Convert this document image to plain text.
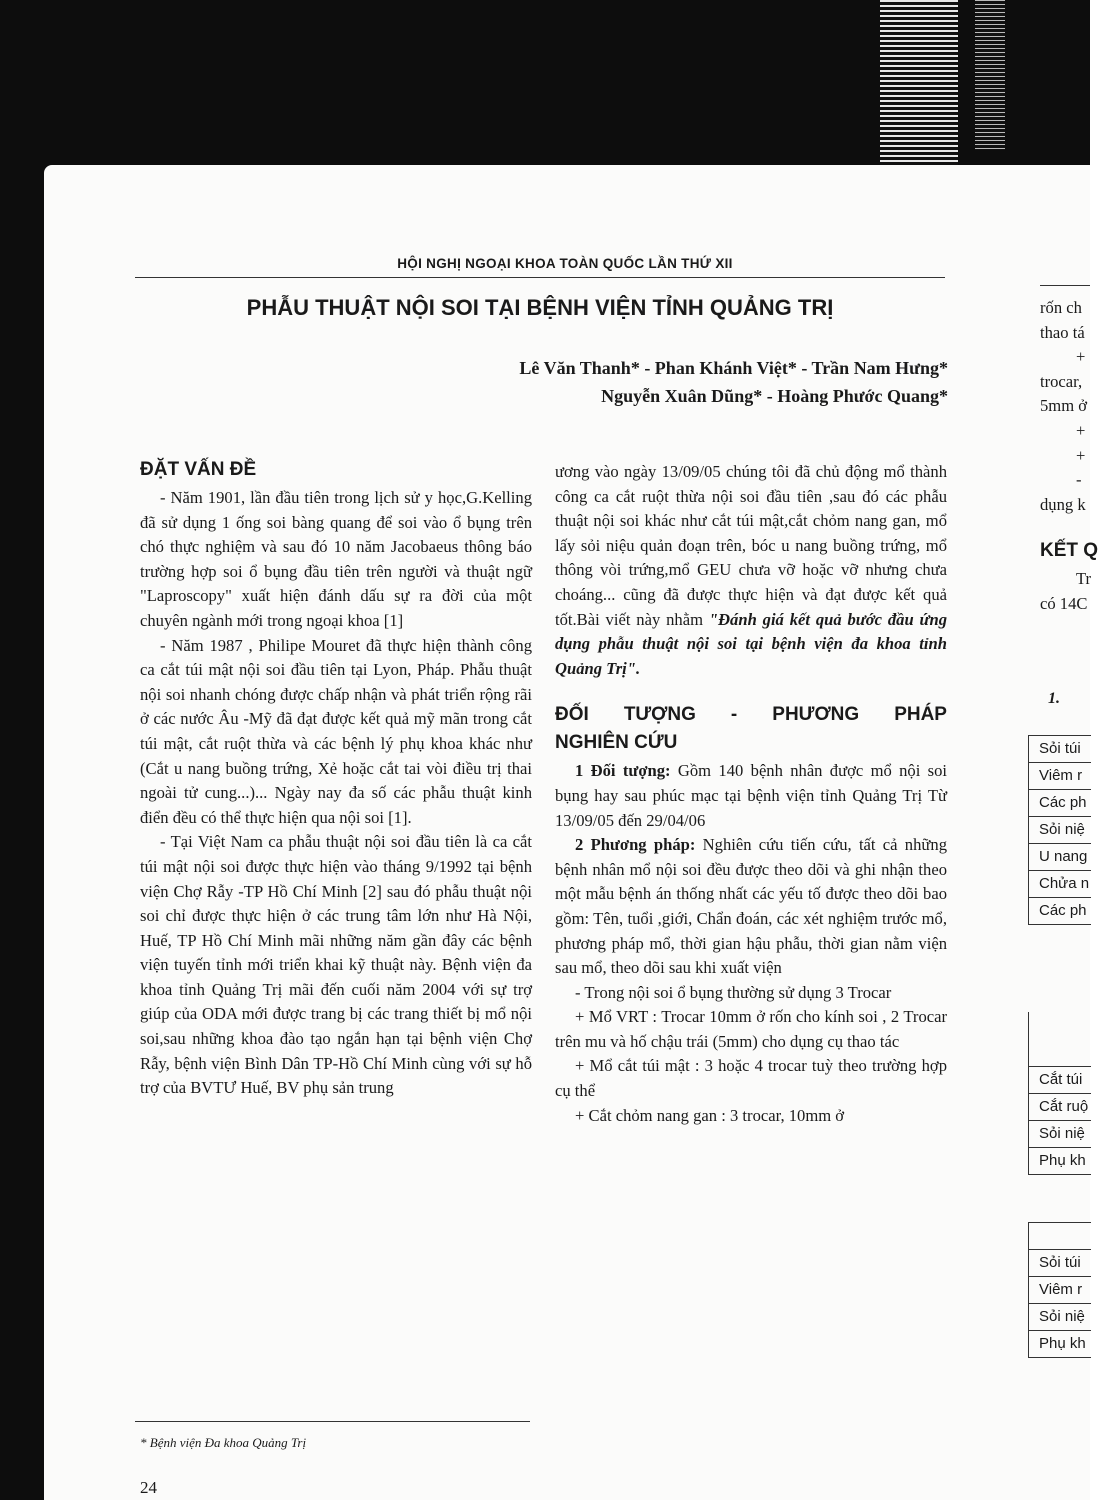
HỘI NGHỊ NGOẠI KHOA TOÀN QUỐC LẦN THỨ XII
PHẪU THUẬT NỘI SOI TẠI BỆNH VIỆN TỈNH QUẢNG TRỊ
Lê Văn Thanh* - Phan Khánh Việt* - Trần Nam Hưng*
Nguyễn Xuân Dũng* - Hoàng Phước Quang*
ĐẶT VẤN ĐỀ

- Năm 1901, lần đầu tiên trong lịch sử y học,G.Kelling đã sử dụng 1 ống soi bàng quang để soi vào ổ bụng trên chó thực nghiệm và sau đó 10 năm Jacobaeus thông báo trường hợp soi ổ bụng đầu tiên trên người và thuật ngữ "Laproscopy" xuất hiện đánh dấu sự ra đời của một chuyên ngành mới trong ngoại khoa [1]

- Năm 1987 , Philipe Mouret đã thực hiện thành công ca cắt túi mật nội soi đầu tiên tại Lyon, Pháp. Phẫu thuật nội soi nhanh chóng được chấp nhận và phát triển rộng rãi ở các nước Âu -Mỹ đã đạt được kết quả mỹ mãn trong cắt túi mật, cắt ruột thừa và các bệnh lý phụ khoa khác như (Cắt u nang buồng trứng, Xẻ hoặc cắt tai vòi điều trị thai ngoài tử cung...)... Ngày nay đa số các phẫu thuật kinh điển đều có thể thực hiện qua nội soi [1].

- Tại Việt Nam ca phẫu thuật nội soi đầu tiên là ca cắt túi mật nội soi được thực hiện vào tháng 9/1992 tại bệnh viện Chợ Rẫy -TP Hồ Chí Minh [2] sau đó phẫu thuật nội soi chỉ được thực hiện ở các trung tâm lớn như Hà Nội, Huế, TP Hồ Chí Minh mãi những năm gần đây các bệnh viện tuyến tỉnh mới triển khai kỹ thuật này. Bệnh viện đa khoa tỉnh Quảng Trị mãi đến cuối năm 2004 với sự trợ giúp của ODA mới được trang bị các trang thiết bị mổ nội soi,sau những khoa đào tạo ngắn hạn tại bệnh viện Chợ Rẫy, bệnh viện Bình Dân TP-Hồ Chí Minh cùng với sự hỗ trợ của BVTƯ Huế, BV phụ sản trung

ương vào ngày 13/09/05 chúng tôi đã chủ động mổ thành công ca cắt ruột thừa nội soi đầu tiên ,sau đó các phẫu thuật nội soi khác như cắt túi mật,cắt chỏm nang gan, mổ lấy sỏi niệu quản đoạn trên, bóc u nang buồng trứng, mổ thông vòi trứng,mổ GEU chưa vỡ hoặc vỡ nhưng chưa choáng... cũng đã được thực hiện và đạt được kết quả tốt.Bài viết này nhằm "Đánh giá kết quả bước đầu ứng dụng phẫu thuật nội soi tại bệnh viện đa khoa tỉnh Quảng Trị".

ĐỐI TƯỢNG - PHƯƠNG PHÁP
NGHIÊN CỨU

1 Đối tượng: Gồm 140 bệnh nhân được mổ nội soi bụng hay sau phúc mạc tại bệnh viện tỉnh Quảng Trị Từ 13/09/05 đến 29/04/06

2 Phương pháp: Nghiên cứu tiến cứu, tất cả những bệnh nhân mổ nội soi đều được theo dõi và ghi nhận theo một mẫu bệnh án thống nhất các yếu tố được theo dõi bao gồm: Tên, tuổi ,giới, Chẩn đoán, các xét nghiệm trước mổ, phương pháp mổ, thời gian hậu phẫu, thời gian nằm viện sau mổ, theo dõi sau khi xuất viện

- Trong nội soi ổ bụng thường sử dụng 3 Trocar

+ Mổ VRT : Trocar 10mm ở rốn cho kính soi , 2 Trocar trên mu và hố chậu trái (5mm) cho dụng cụ thao tác

+ Mổ cắt túi mật : 3 hoặc 4 trocar tuỳ theo trường hợp cụ thể

+ Cắt chỏm nang gan : 3 trocar, 10mm ở

rốn ch

thao tá

+

trocar,

5mm ở

+

+

-

dụng k

KẾT Q

Tr

có 14C

1.
Sỏi túi
Viêm r
Các ph
Sỏi niệ
U nang
Chửa n
Các ph
Cắt túi
Cắt ruộ
Sỏi niệ
Phụ kh
Sỏi túi
Viêm r
Sỏi niệ
Phụ kh
* Bệnh viện Đa khoa Quảng Trị
24
